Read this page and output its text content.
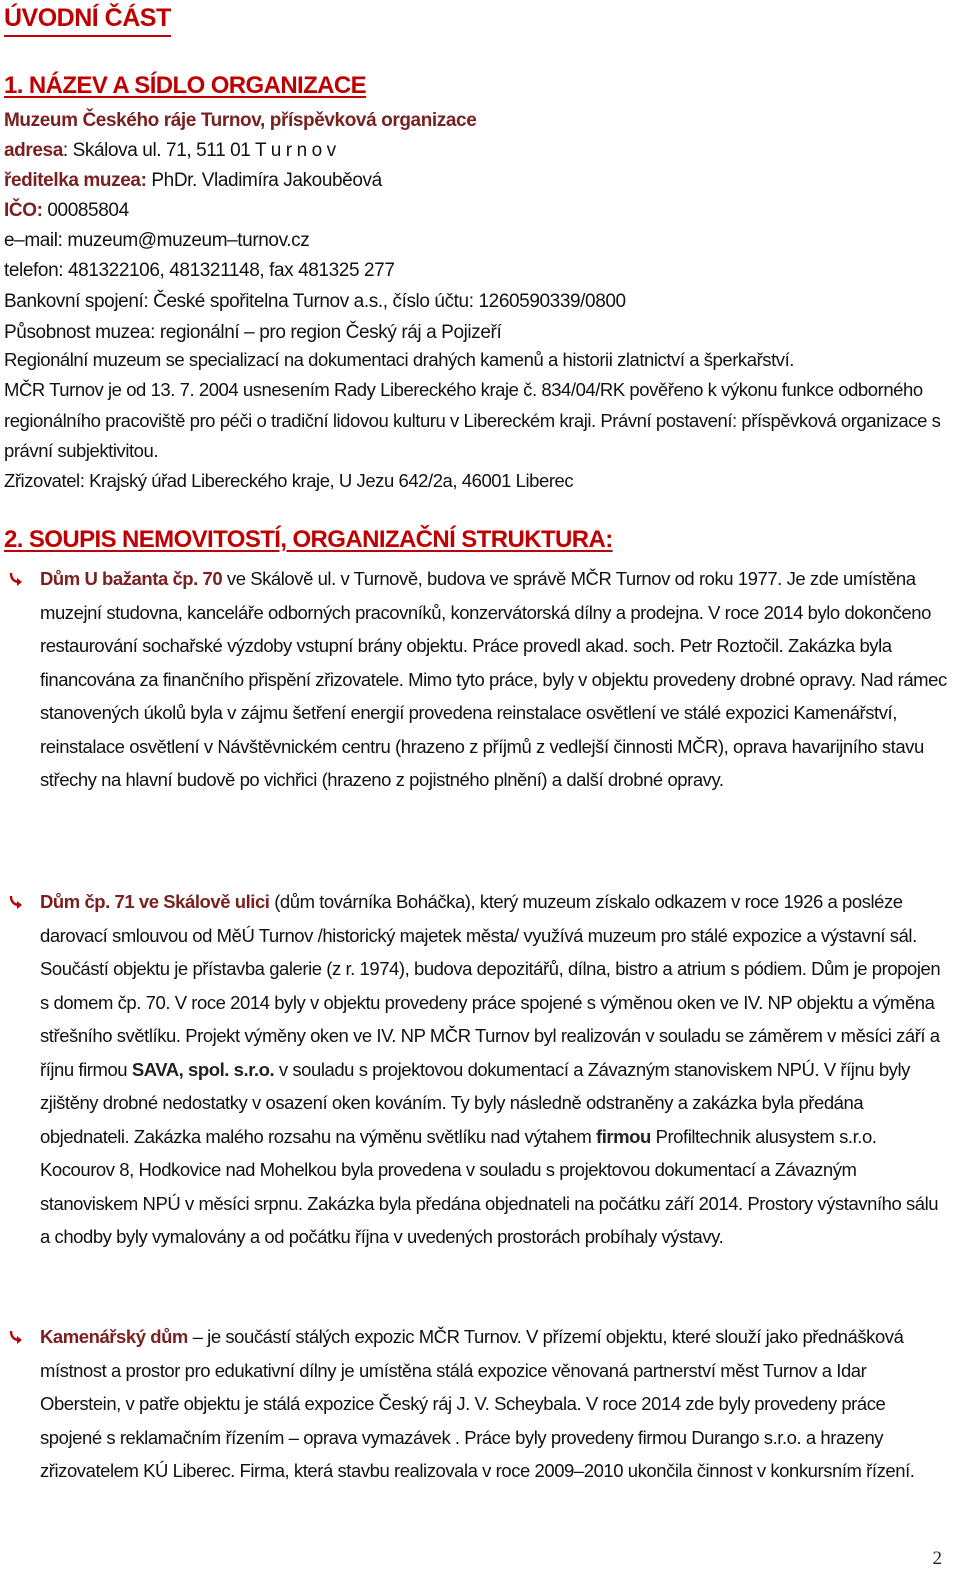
ÚVODNÍ ČÁST
1. NÁZEV A SÍDLO ORGANIZACE
Muzeum Českého ráje Turnov, příspěvková organizace
adresa: Skálova ul. 71, 511 01 T u r n o v
ředitelka muzea: PhDr. Vladimíra Jakouběová
IČO: 00085804
e–mail: muzeum@muzeum–turnov.cz
telefon: 481322106, 481321148, fax 481325 277
Bankovní spojení: České spořitelna Turnov a.s., číslo účtu: 1260590339/0800
Působnost muzea: regionální – pro region Český ráj a Pojizeří
Regionální muzeum se specializací na dokumentaci drahých kamenů a historii zlatnictví a šperkařství.
MČR Turnov je od 13. 7. 2004 usnesením Rady Libereckého kraje č. 834/04/RK pověřeno k výkonu funkce odborného regionálního pracoviště pro péči o tradiční lidovou kulturu v Libereckém kraji. Právní postavení: příspěvková organizace s právní subjektivitou.
Zřizovatel: Krajský úřad Libereckého kraje, U Jezu 642/2a, 46001 Liberec
2. SOUPIS NEMOVITOSTÍ, ORGANIZAČNÍ STRUKTURA:
Dům U bažanta čp. 70 ve Skálově ul. v Turnově, budova ve správě MČR Turnov od roku 1977. Je zde umístěna muzejní studovna, kanceláře odborných pracovníků, konzervátorská dílny a prodejna. V roce 2014 bylo dokončeno restaurování sochařské výzdoby vstupní brány objektu. Práce provedl akad. soch. Petr Roztočil. Zakázka byla financována za finančního přispění zřizovatele. Mimo tyto práce, byly v objektu provedeny drobné opravy. Nad rámec stanovených úkolů byla v zájmu šetření energií provedena reinstalace osvětlení ve stálé expozici Kamenářství, reinstalace osvětlení v Návštěvnickém centru (hrazeno z příjmů z vedlejší činnosti MČR), oprava havarijního stavu střechy na hlavní budově po vichřici (hrazeno z pojistného plnění) a další drobné opravy.
Dům čp. 71 ve Skálově ulici (dům továrníka Boháčka), který muzeum získalo odkazem v roce 1926 a posléze darovací smlouvou od MěÚ Turnov /historický majetek města/ využívá muzeum pro stálé expozice a výstavní sál. Součástí objektu je přístavba galerie (z r. 1974), budova depozitářů, dílna, bistro a atrium s pódiem. Dům je propojen s domem čp. 70. V roce 2014 byly v objektu provedeny práce spojené s výměnou oken ve IV. NP objektu a výměna střešního světlíku. Projekt výměny oken ve IV. NP MČR Turnov byl realizován v souladu se záměrem v měsíci září a říjnu firmou SAVA, spol. s.r.o. v souladu s projektovou dokumentací a Závazným stanoviskem NPÚ. V říjnu byly zjištěny drobné nedostatky v osazení oken kováním. Ty byly následně odstraněny a zakázka byla předána objednateli. Zakázka malého rozsahu na výměnu světlíku nad výtahem firmou Profiltechnik alusystem s.r.o. Kocourov 8, Hodkovice nad Mohelkou byla provedena v souladu s projektovou dokumentací a Závazným stanoviskem NPÚ v měsíci srpnu. Zakázka byla předána objednateli na počátku září 2014. Prostory výstavního sálu a chodby byly vymalovány a od počátku října v uvedených prostorách probíhaly výstavy.
Kamenářský dům – je součástí stálých expozic MČR Turnov. V přízemí objektu, které slouží jako přednášková místnost a prostor pro edukativní dílny je umístěna stálá expozice věnovaná partnerství měst Turnov a Idar Oberstein, v patře objektu je stálá expozice Český ráj J. V. Scheybala. V roce 2014 zde byly provedeny práce spojené s reklamačním řízením – oprava vymazávek . Práce byly provedeny firmou Durango s.r.o. a hrazeny zřizovatelem KÚ Liberec. Firma, která stavbu realizovala v roce 2009–2010 ukončila činnost v konkursním řízení.
2
